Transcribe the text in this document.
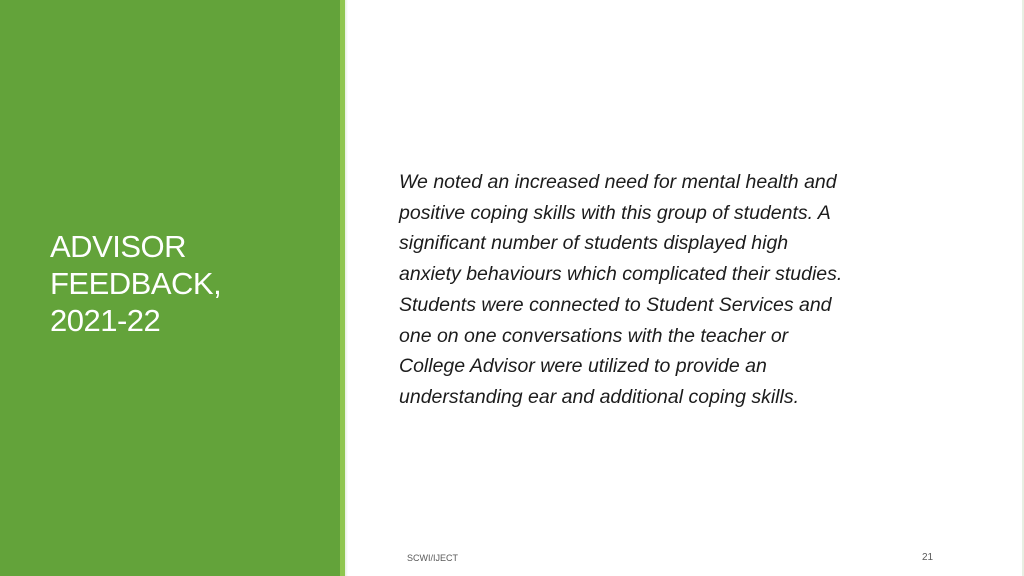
ADVISOR
FEEDBACK,
2021-22

We noted an increased need for mental health and
positive coping skills with this group of students. A
significant number of students displayed high
anxiety behaviours which complicated their studies.
Students were connected to Student Services and
one on one conversations with the teacher or
College Advisor were utilized to provide an
understanding ear and additional coping skills.

SCWI/IJECT	21
